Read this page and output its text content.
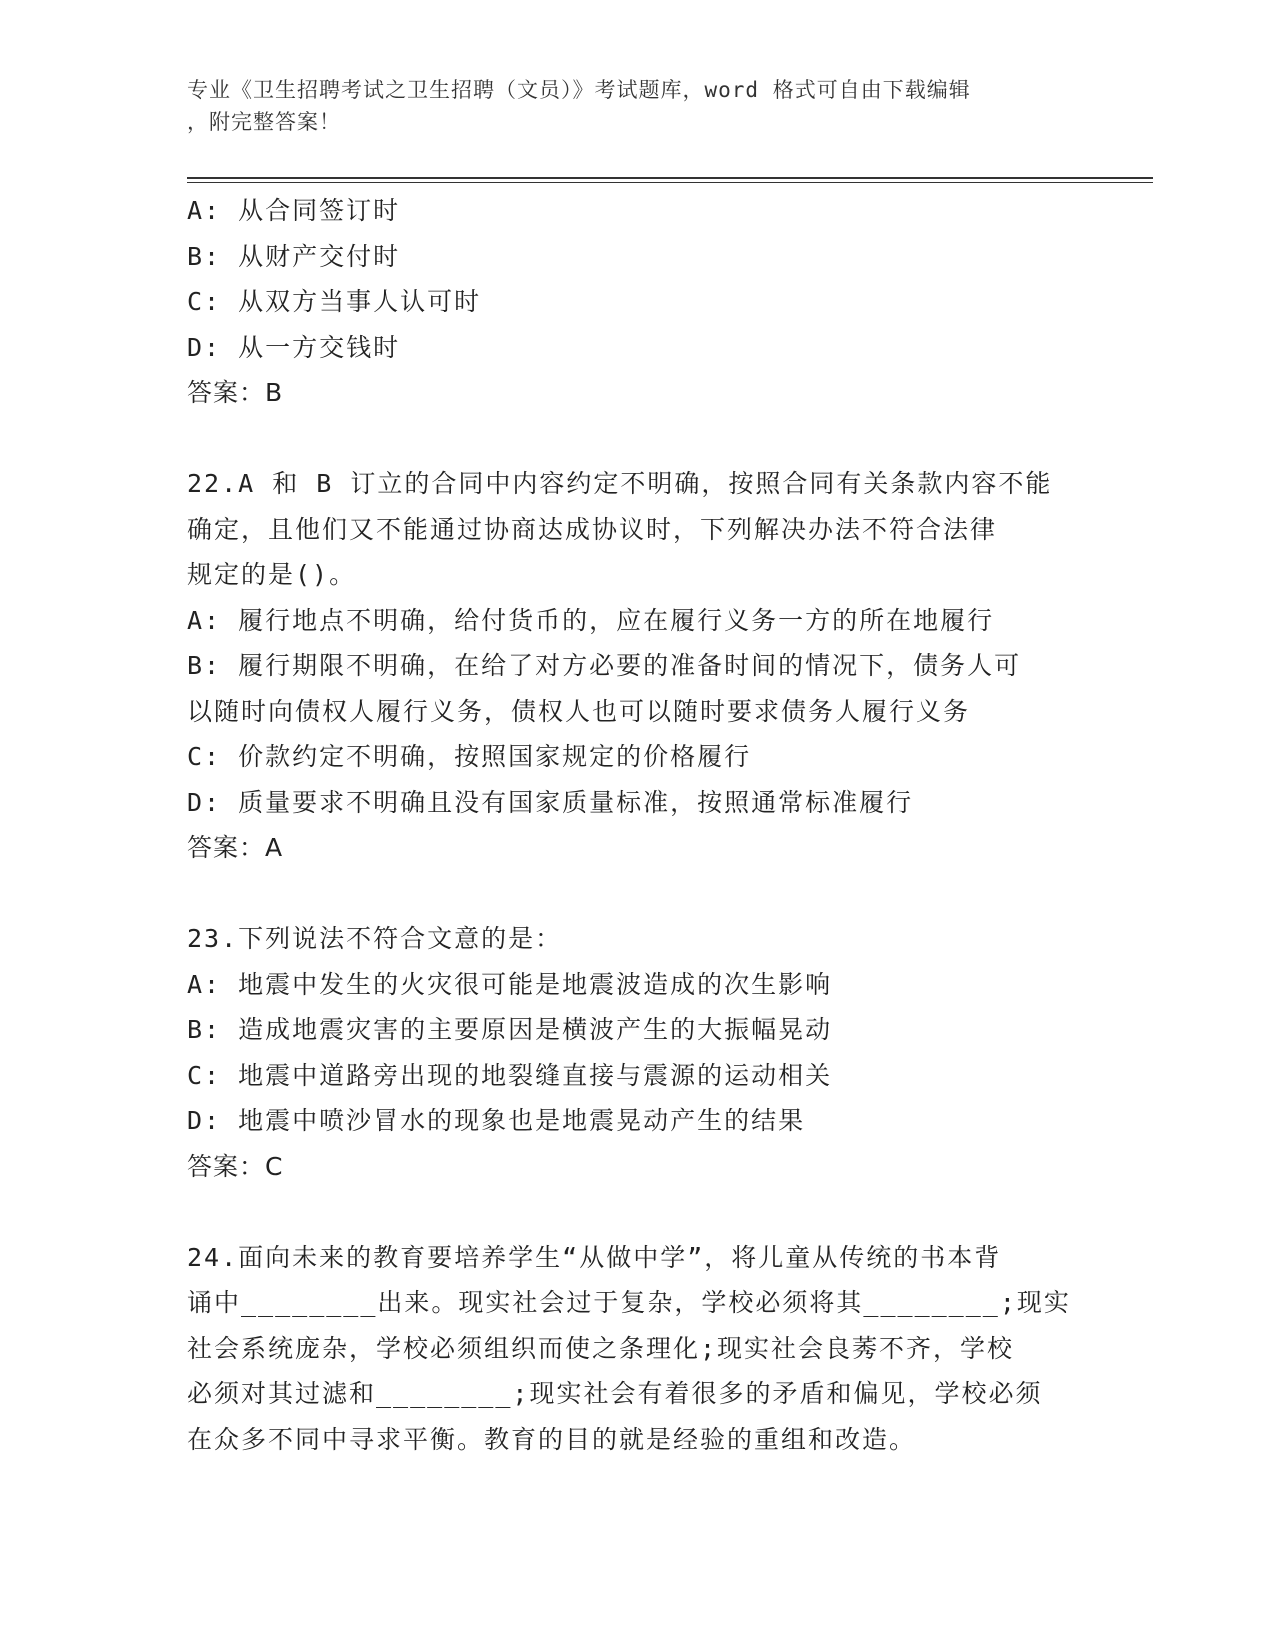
专业《卫生招聘考试之卫生招聘（文员）》考试题库，word 格式可自由下载编辑
，附完整答案！
A: 从合同签订时
B: 从财产交付时
C: 从双方当事人认可时
D: 从一方交钱时
答案：B
22.A 和 B 订立的合同中内容约定不明确，按照合同有关条款内容不能
确定，且他们又不能通过协商达成协议时，下列解决办法不符合法律
规定的是()。
A: 履行地点不明确，给付货币的，应在履行义务一方的所在地履行
B: 履行期限不明确，在给了对方必要的准备时间的情况下，债务人可
以随时向债权人履行义务，债权人也可以随时要求债务人履行义务
C: 价款约定不明确，按照国家规定的价格履行
D: 质量要求不明确且没有国家质量标准，按照通常标准履行
答案：A
23.下列说法不符合文意的是：
A: 地震中发生的火灾很可能是地震波造成的次生影响
B: 造成地震灾害的主要原因是横波产生的大振幅晃动
C: 地震中道路旁出现的地裂缝直接与震源的运动相关
D: 地震中喷沙冒水的现象也是地震晃动产生的结果
答案：C
24.面向未来的教育要培养学生“从做中学”，将儿童从传统的书本背
诵中________出来。现实社会过于复杂，学校必须将其________;现实
社会系统庞杂，学校必须组织而使之条理化;现实社会良莠不齐，学校
必须对其过滤和________;现实社会有着很多的矛盾和偏见，学校必须
在众多不同中寻求平衡。教育的目的就是经验的重组和改造。
